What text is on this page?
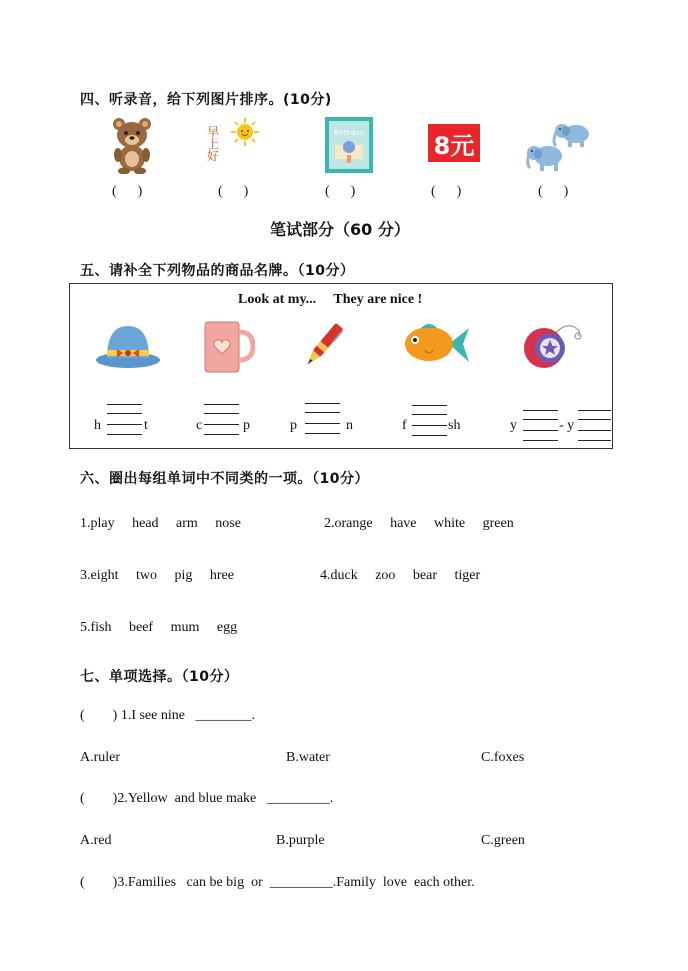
四、听录音，给下列图片排序。(10分)
早上好
Birthday	8元
(      )	(      )	(      )	(      )	(      )
笔试部分（60 分）
五、请补全下列物品的商品名牌。（10分）
Look at my...     They are nice !
h	t	c	p	p	n	f	sh	y	- y
六、圈出每组单词中不同类的一项。（10分）
1.play     head     arm     nose	2.orange     have     white     green
3.eight     two     pig     hree	4.duck     zoo     bear     tiger
5.fish     beef     mum     egg
七、单项选择。（10分）
(        ) 1.I see nine   ________.
A.ruler	B.water	C.foxes
(        )2.Yellow  and blue make   _________.
A.red	B.purple	C.green
(        )3.Families   can be big  or  _________.Family  love  each other.
